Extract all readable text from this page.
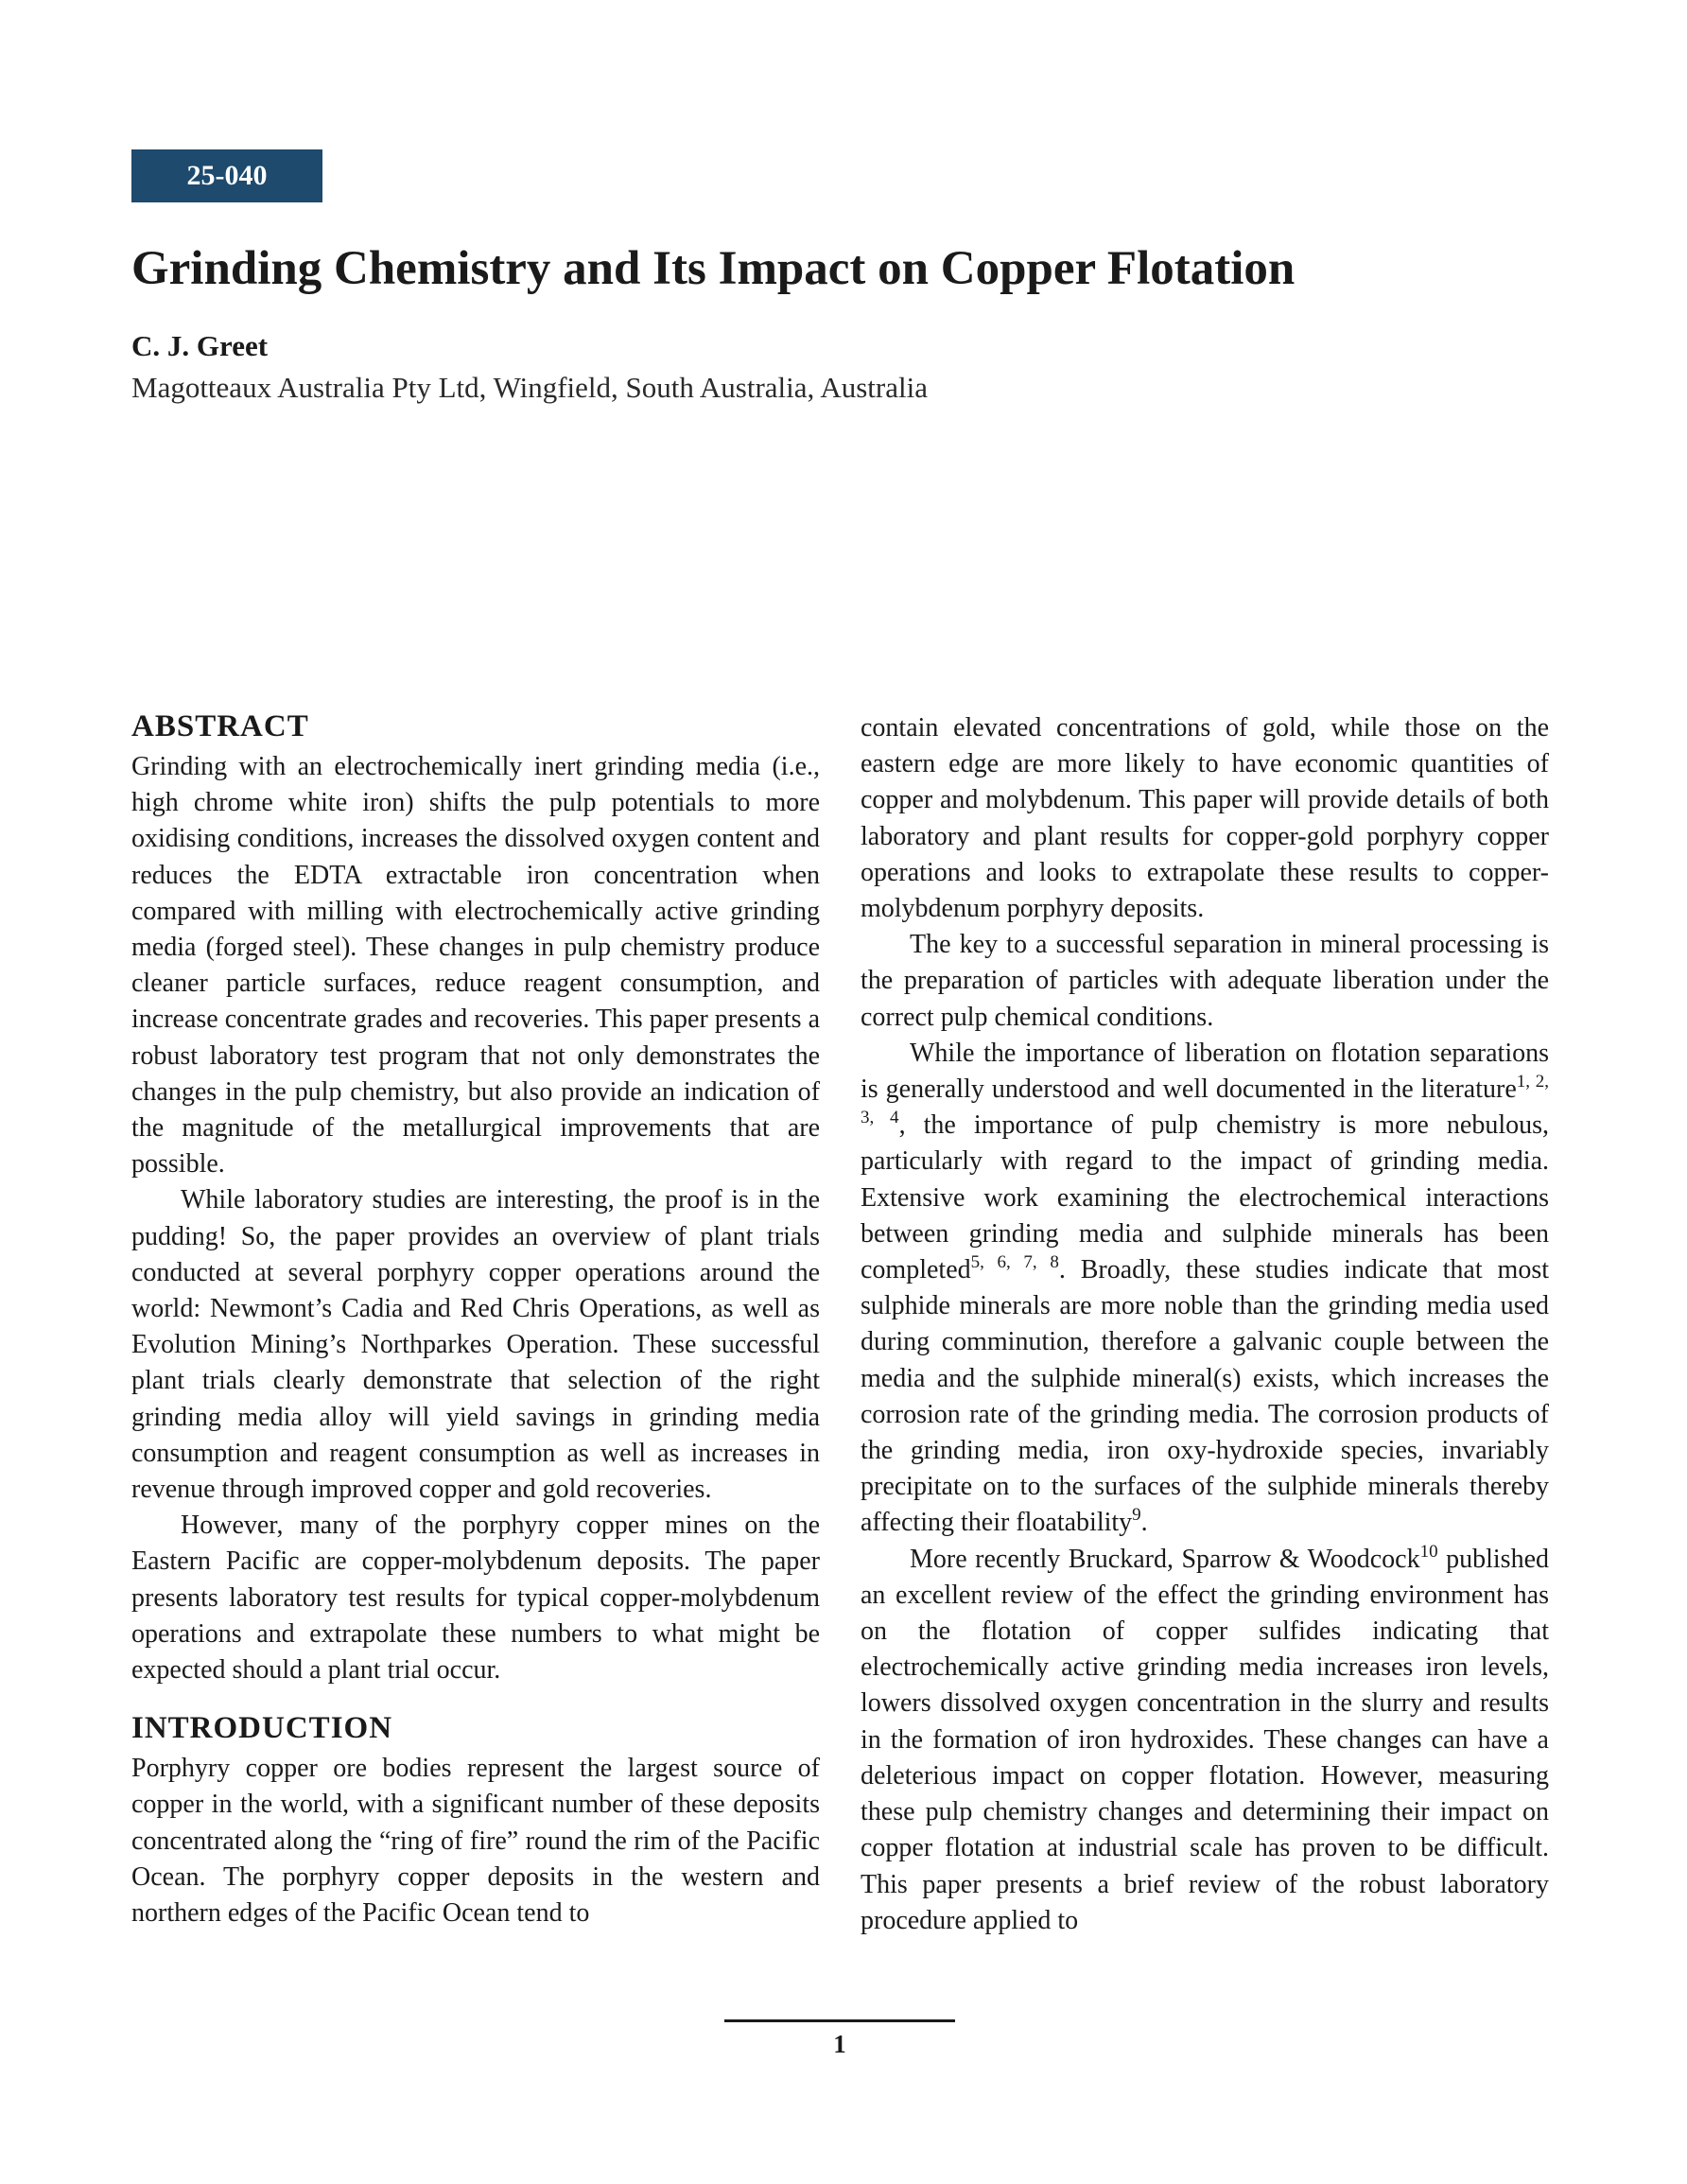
25-040
Grinding Chemistry and Its Impact on Copper Flotation
C. J. Greet
Magotteaux Australia Pty Ltd, Wingfield, South Australia, Australia
ABSTRACT

Grinding with an electrochemically inert grinding media (i.e., high chrome white iron) shifts the pulp potentials to more oxidising conditions, increases the dissolved oxygen content and reduces the EDTA extractable iron concentration when compared with milling with electrochemically active grinding media (forged steel). These changes in pulp chemistry produce cleaner particle surfaces, reduce reagent consumption, and increase concentrate grades and recoveries. This paper presents a robust laboratory test program that not only demonstrates the changes in the pulp chemistry, but also provide an indication of the magnitude of the metallurgical improvements that are possible.

While laboratory studies are interesting, the proof is in the pudding! So, the paper provides an overview of plant trials conducted at several porphyry copper operations around the world: Newmont’s Cadia and Red Chris Operations, as well as Evolution Mining’s Northparkes Operation. These successful plant trials clearly demonstrate that selection of the right grinding media alloy will yield savings in grinding media consumption and reagent consumption as well as increases in revenue through improved copper and gold recoveries.

However, many of the porphyry copper mines on the Eastern Pacific are copper-molybdenum deposits. The paper presents laboratory test results for typical copper-molybdenum operations and extrapolate these numbers to what might be expected should a plant trial occur.

INTRODUCTION

Porphyry copper ore bodies represent the largest source of copper in the world, with a significant number of these deposits concentrated along the “ring of fire” round the rim of the Pacific Ocean. The porphyry copper deposits in the western and northern edges of the Pacific Ocean tend to

contain elevated concentrations of gold, while those on the eastern edge are more likely to have economic quantities of copper and molybdenum. This paper will provide details of both laboratory and plant results for copper-gold porphyry copper operations and looks to extrapolate these results to copper-molybdenum porphyry deposits.

The key to a successful separation in mineral processing is the preparation of particles with adequate liberation under the correct pulp chemical conditions.

While the importance of liberation on flotation separations is generally understood and well documented in the literature$^{1, 2, 3, 4}$, the importance of pulp chemistry is more nebulous, particularly with regard to the impact of grinding media. Extensive work examining the electrochemical interactions between grinding media and sulphide minerals has been completed$^{5, 6, 7, 8}$. Broadly, these studies indicate that most sulphide minerals are more noble than the grinding media used during comminution, therefore a galvanic couple between the media and the sulphide mineral(s) exists, which increases the corrosion rate of the grinding media. The corrosion products of the grinding media, iron oxy-hydroxide species, invariably precipitate on to the surfaces of the sulphide minerals thereby affecting their floatability$^9$.

More recently Bruckard, Sparrow & Woodcock$^{10}$ published an excellent review of the effect the grinding environment has on the flotation of copper sulfides indicating that electrochemically active grinding media increases iron levels, lowers dissolved oxygen concentration in the slurry and results in the formation of iron hydroxides. These changes can have a deleterious impact on copper flotation. However, measuring these pulp chemistry changes and determining their impact on copper flotation at industrial scale has proven to be difficult. This paper presents a brief review of the robust laboratory procedure applied to

1
